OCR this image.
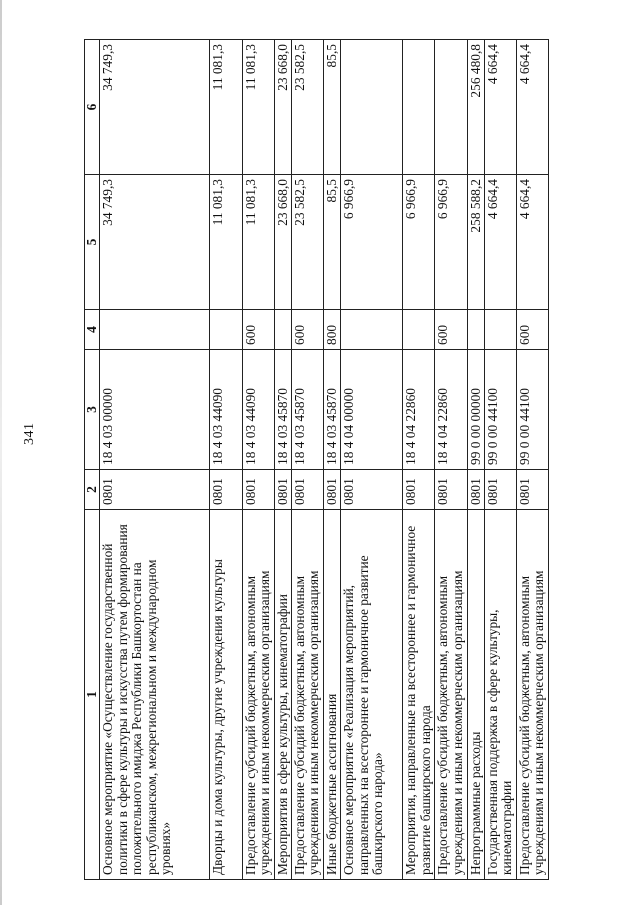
341
1	2	3	4	5	6
Основное мероприятие «Осуществление государственной политики в сфере культуры и искусства путем формирования положительного имиджа Республики Башкортостан на республиканском, межрегиональном и международном уровнях»	0801	18 4 03 00000		34 749,3	34 749,3
Дворцы и дома культуры, другие учреждения культуры	0801	18 4 03 44090		11 081,3	11 081,3
Предоставление субсидий бюджетным, автономным учреждениям и иным некоммерческим организациям	0801	18 4 03 44090	600	11 081,3	11 081,3
Мероприятия в сфере культуры, кинематографии	0801	18 4 03 45870		23 668,0	23 668,0
Предоставление субсидий бюджетным, автономным учреждениям и иным некоммерческим организациям	0801	18 4 03 45870	600	23 582,5	23 582,5
Иные бюджетные ассигнования	0801	18 4 03 45870	800	85,5	85,5
Основное мероприятие «Реализация мероприятий, направленных на всестороннее и гармоничное развитие башкирского народа»	0801	18 4 04 00000		6 966,9	
Мероприятия, направленные на всестороннее и гармоничное развитие башкирского народа	0801	18 4 04 22860		6 966,9	
Предоставление субсидий бюджетным, автономным учреждениям и иным некоммерческим организациям	0801	18 4 04 22860	600	6 966,9	
Непрограммные расходы	0801	99 0 00 00000		258 588,2	256 480,8
Государственная поддержка в сфере культуры, кинематографии	0801	99 0 00 44100		4 664,4	4 664,4
Предоставление субсидий бюджетным, автономным учреждениям и иным некоммерческим организациям	0801	99 0 00 44100	600	4 664,4	4 664,4
